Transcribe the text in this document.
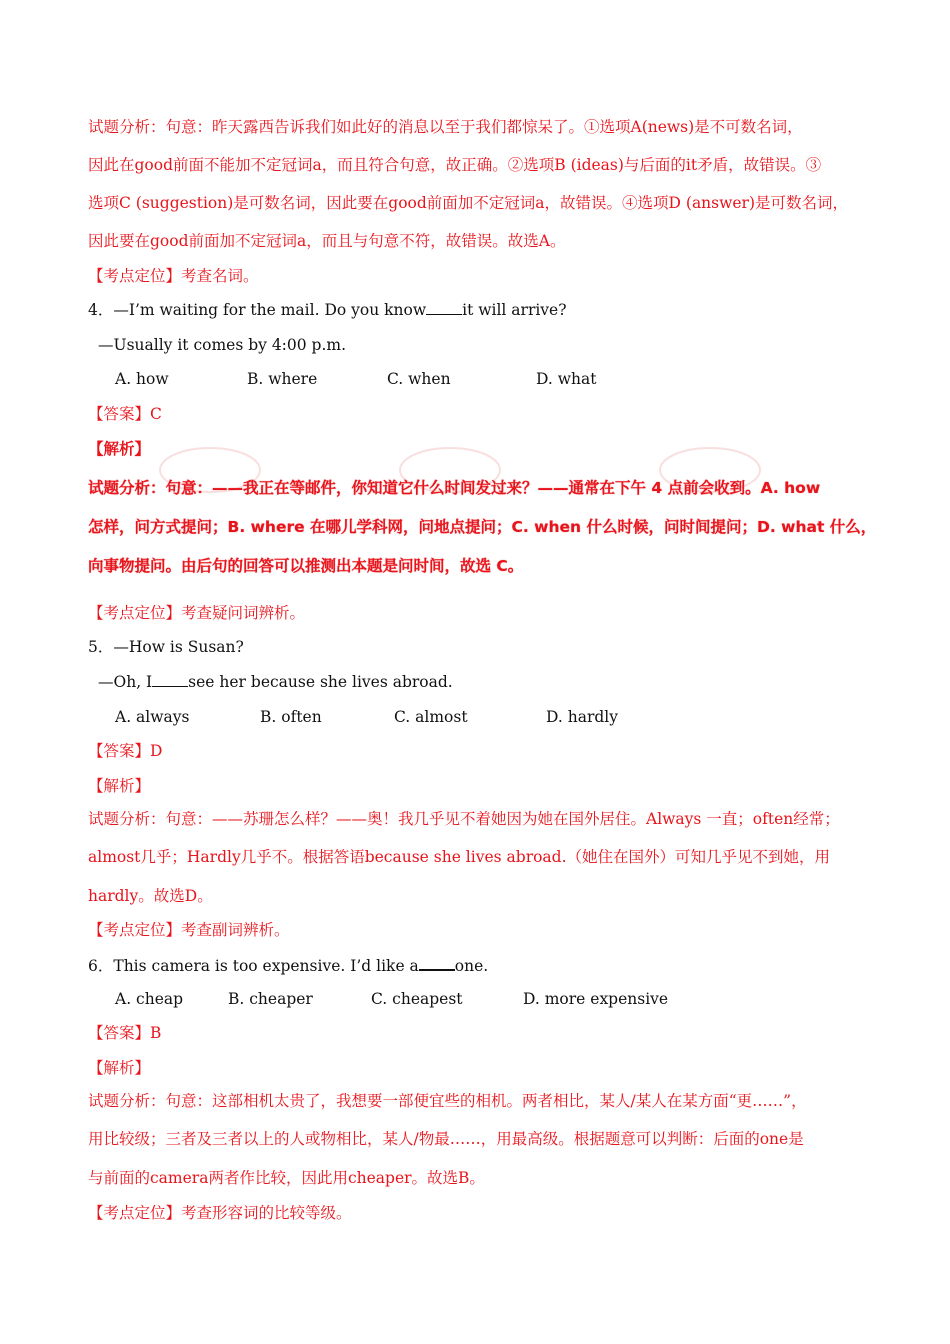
试题分析：句意：昨天露西告诉我们如此好的消息以至于我们都惊呆了。①选项A(news)是不可数名词，
因此在good前面不能加不定冠词a，而且符合句意，故正确。②选项B (ideas)与后面的it矛盾，故错误。③
选项C (suggestion)是可数名词，因此要在good前面加不定冠词a，故错误。④选项D (answer)是可数名词，
因此要在good前面加不定冠词a，而且与句意不符，故错误。故选A。
【考点定位】考查名词。
4．—I’m waiting for the mail. Do you know it will arrive?
—Usually it comes by 4:00 p.m.
A. how	B. where	C. when	D. what
【答案】C
【解析】
试题分析：句意：——我正在等邮件，你知道它什么时间发过来？——通常在下午 4 点前会收到。A. how
怎样，问方式提问；B. where 在哪儿学科网，问地点提问；C. when 什么时候，问时间提问；D. what 什么，
向事物提问。由后句的回答可以推测出本题是问时间，故选 C。
【考点定位】考查疑问词辨析。
5．—How is Susan?
—Oh, I see her because she lives abroad.
A. always	B. often	C. almost	D. hardly
【答案】D
【解析】
试题分析：句意：——苏珊怎么样？——奥！我几乎见不着她因为她在国外居住。Always 一直；often经常；
almost几乎；Hardly几乎不。根据答语because she lives abroad.（她住在国外）可知几乎见不到她，用
hardly。故选D。
【考点定位】考查副词辨析。
6．This camera is too expensive. I’d like a one.
A. cheap	B. cheaper	C. cheapest	D. more expensive
【答案】B
【解析】
试题分析：句意：这部相机太贵了，我想要一部便宜些的相机。两者相比，某人/某人在某方面“更……”，
用比较级；三者及三者以上的人或物相比，某人/物最……，用最高级。根据题意可以判断：后面的one是
与前面的camera两者作比较，因此用cheaper。故选B。
【考点定位】考查形容词的比较等级。
